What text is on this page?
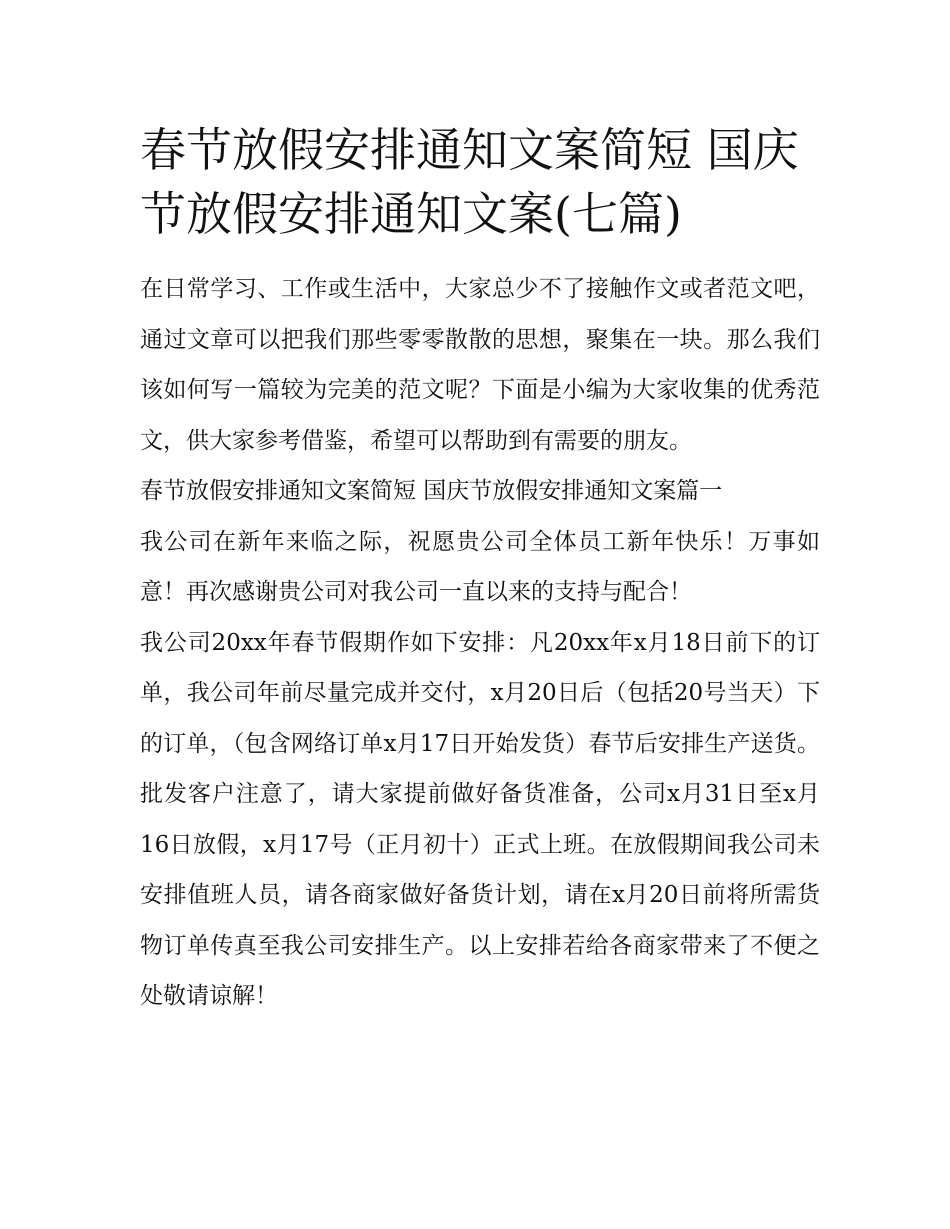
春节放假安排通知文案简短 国庆节放假安排通知文案(七篇)

在日常学习、工作或生活中，大家总少不了接触作文或者范文吧，通过文章可以把我们那些零零散散的思想，聚集在一块。那么我们该如何写一篇较为完美的范文呢？下面是小编为大家收集的优秀范文，供大家参考借鉴，希望可以帮助到有需要的朋友。

春节放假安排通知文案简短 国庆节放假安排通知文案篇一

我公司在新年来临之际，祝愿贵公司全体员工新年快乐！万事如意！再次感谢贵公司对我公司一直以来的支持与配合！

我公司20xx年春节假期作如下安排：凡20xx年x月18日前下的订单，我公司年前尽量完成并交付，x月20日后（包括20号当天）下的订单，（包含网络订单x月17日开始发货）春节后安排生产送货。批发客户注意了，请大家提前做好备货准备，公司x月31日至x月16日放假，x月17号（正月初十）正式上班。在放假期间我公司未安排值班人员，请各商家做好备货计划，请在x月20日前将所需货物订单传真至我公司安排生产。以上安排若给各商家带来了不便之处敬请谅解！
